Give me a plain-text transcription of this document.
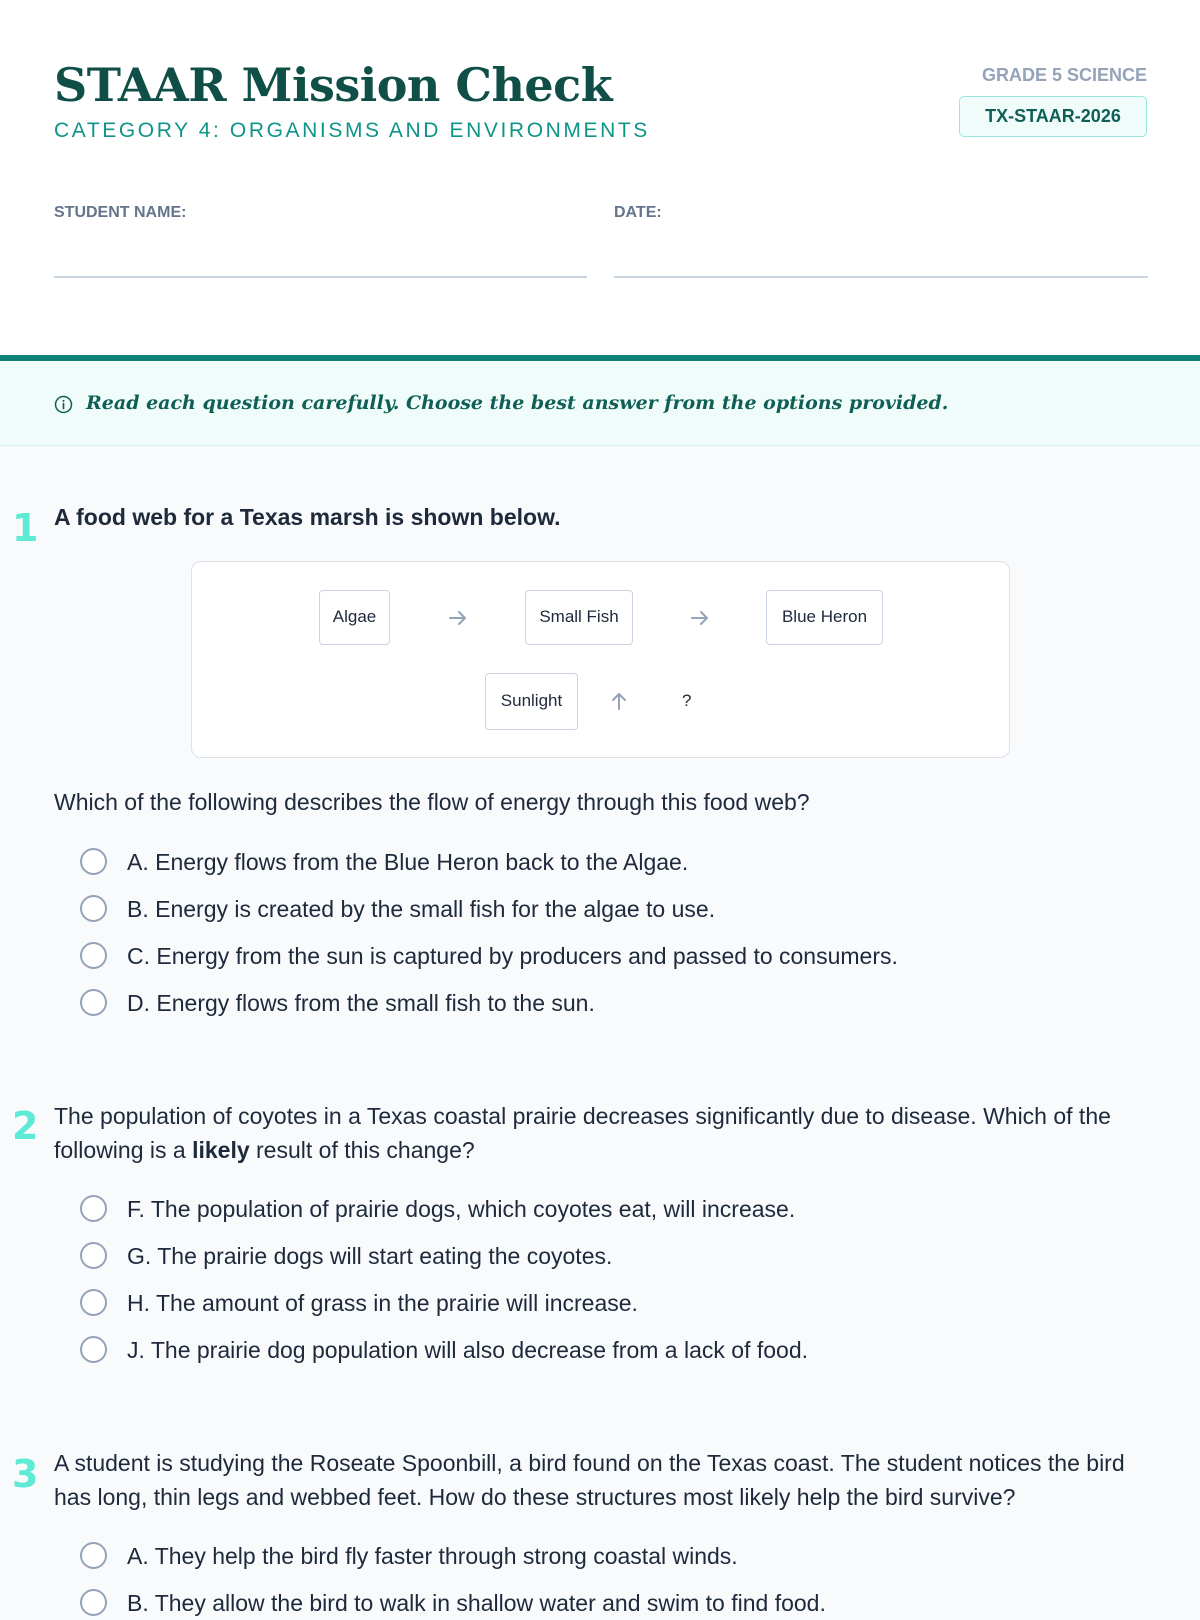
STAAR Mission Check
CATEGORY 4: ORGANISMS AND ENVIRONMENTS
GRADE 5 SCIENCE
TX-STAAR-2026
STUDENT NAME:	DATE:
Read each question carefully. Choose the best answer from the options provided.
1 A food web for a Texas marsh is shown below.
Algae	Small Fish	Blue Heron
Sunlight	?
Which of the following describes the flow of energy through this food web?
A. Energy flows from the Blue Heron back to the Algae.
B. Energy is created by the small fish for the algae to use.
C. Energy from the sun is captured by producers and passed to consumers.
D. Energy flows from the small fish to the sun.
2 The population of coyotes in a Texas coastal prairie decreases significantly due to disease. Which of the following is a likely result of this change?
F. The population of prairie dogs, which coyotes eat, will increase.
G. The prairie dogs will start eating the coyotes.
H. The amount of grass in the prairie will increase.
J. The prairie dog population will also decrease from a lack of food.
3 A student is studying the Roseate Spoonbill, a bird found on the Texas coast. The student notices the bird has long, thin legs and webbed feet. How do these structures most likely help the bird survive?
A. They help the bird fly faster through strong coastal winds.
B. They allow the bird to walk in shallow water and swim to find food.
